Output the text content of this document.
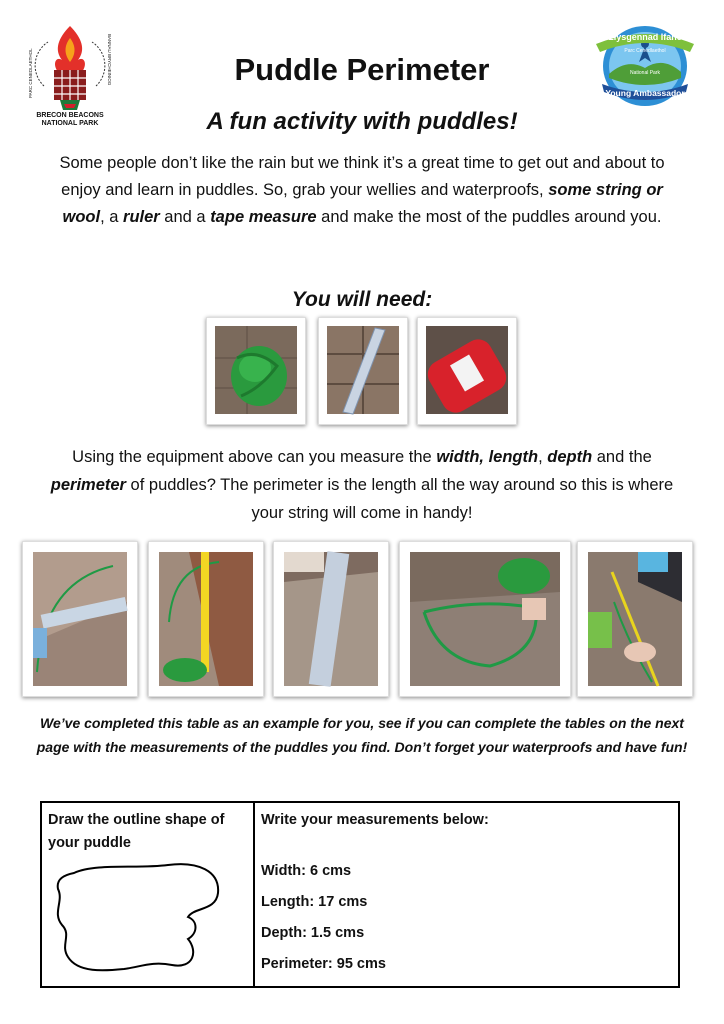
BRECON BEACONS
NATIONAL PARK
PARC CENEDLAETHOL	BANNAU BRYCHEINIOG	Llysgennad Ifanc
Parc Cenedlaethol
National Park
Young Ambassador
Puddle Perimeter
A fun activity with puddles!

Some people don’t like the rain but we think it’s a great time to get out and about to enjoy and learn in puddles. So, grab your wellies and waterproofs, some string or wool, a ruler and a tape measure and make the most of the puddles around you.

You will need:

Using the equipment above can you measure the width, length, depth and the perimeter of puddles? The perimeter is the length all the way around so this is where your string will come in handy!

We’ve completed this table as an example for you, see if you can complete the tables on the next page with the measurements of the puddles you find. Don’t forget your waterproofs and have fun!
Draw the outline shape of your puddle

Write your measurements below:

Width: 6 cms

Length: 17 cms

Depth: 1.5 cms

Perimeter: 95 cms
